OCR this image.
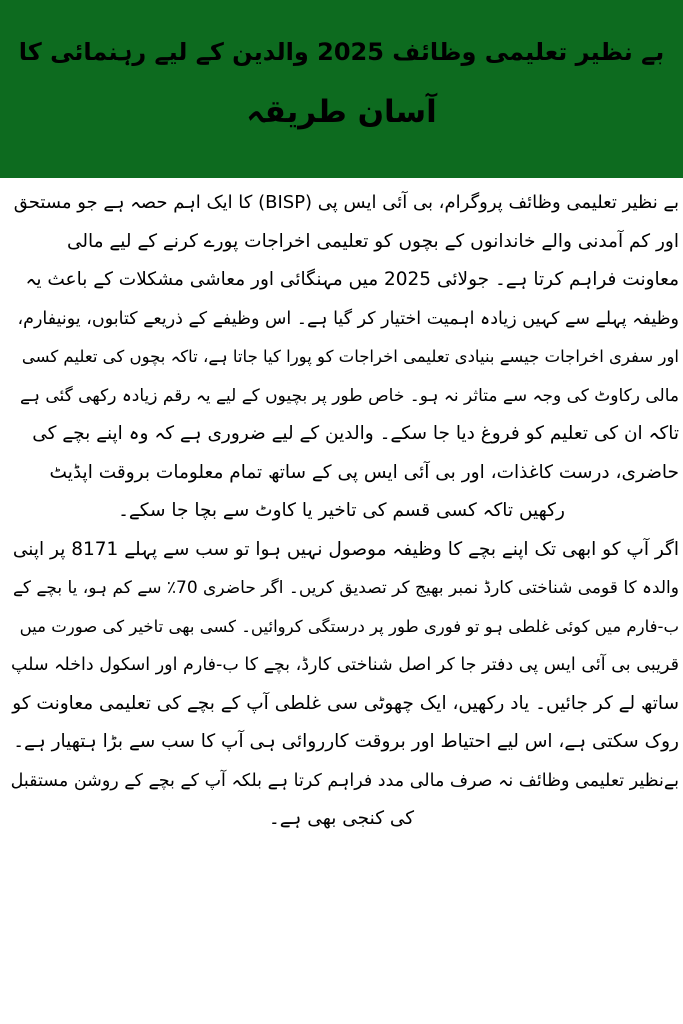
بے نظیر تعلیمی وظائف 2025 والدین کے لیے رہنمائی کا
آسان طریقہ
بے نظیر تعلیمی وظائف پروگرام، بی آئی ایس پی (BISP) کا ایک اہم حصہ ہے جو مستحق
اور کم آمدنی والے خاندانوں کے بچوں کو تعلیمی اخراجات پورے کرنے کے لیے مالی
معاونت فراہم کرتا ہے۔ جولائی 2025 میں مہنگائی اور معاشی مشکلات کے باعث یہ
وظیفہ پہلے سے کہیں زیادہ اہمیت اختیار کر گیا ہے۔ اس وظیفے کے ذریعے کتابوں، یونیفارم،
اور سفری اخراجات جیسے بنیادی تعلیمی اخراجات کو پورا کیا جاتا ہے، تاکہ بچوں کی تعلیم کسی
مالی رکاوٹ کی وجہ سے متاثر نہ ہو۔ خاص طور پر بچیوں کے لیے یہ رقم زیادہ رکھی گئی ہے
تاکہ ان کی تعلیم کو فروغ دیا جا سکے۔ والدین کے لیے ضروری ہے کہ وہ اپنے بچے کی
حاضری، درست کاغذات، اور بی آئی ایس پی کے ساتھ تمام معلومات بروقت اپڈیٹ
رکھیں تاکہ کسی قسم کی تاخیر یا کاوٹ سے بچا جا سکے۔
اگر آپ کو ابھی تک اپنے بچے کا وظیفہ موصول نہیں ہوا تو سب سے پہلے 8171 پر اپنی
والدہ کا قومی شناختی کارڈ نمبر بھیج کر تصدیق کریں۔ اگر حاضری 70٪ سے کم ہو، یا بچے کے
ب-فارم میں کوئی غلطی ہو تو فوری طور پر درستگی کروائیں۔ کسی بھی تاخیر کی صورت میں
قریبی بی آئی ایس پی دفتر جا کر اصل شناختی کارڈ، بچے کا ب-فارم اور اسکول داخلہ سلپ
ساتھ لے کر جائیں۔ یاد رکھیں، ایک چھوٹی سی غلطی آپ کے بچے کی تعلیمی معاونت کو
روک سکتی ہے، اس لیے احتیاط اور بروقت کارروائی ہی آپ کا سب سے بڑا ہتھیار ہے۔
بےنظیر تعلیمی وظائف نہ صرف مالی مدد فراہم کرتا ہے بلکہ آپ کے بچے کے روشن مستقبل
کی کنجی بھی ہے۔
